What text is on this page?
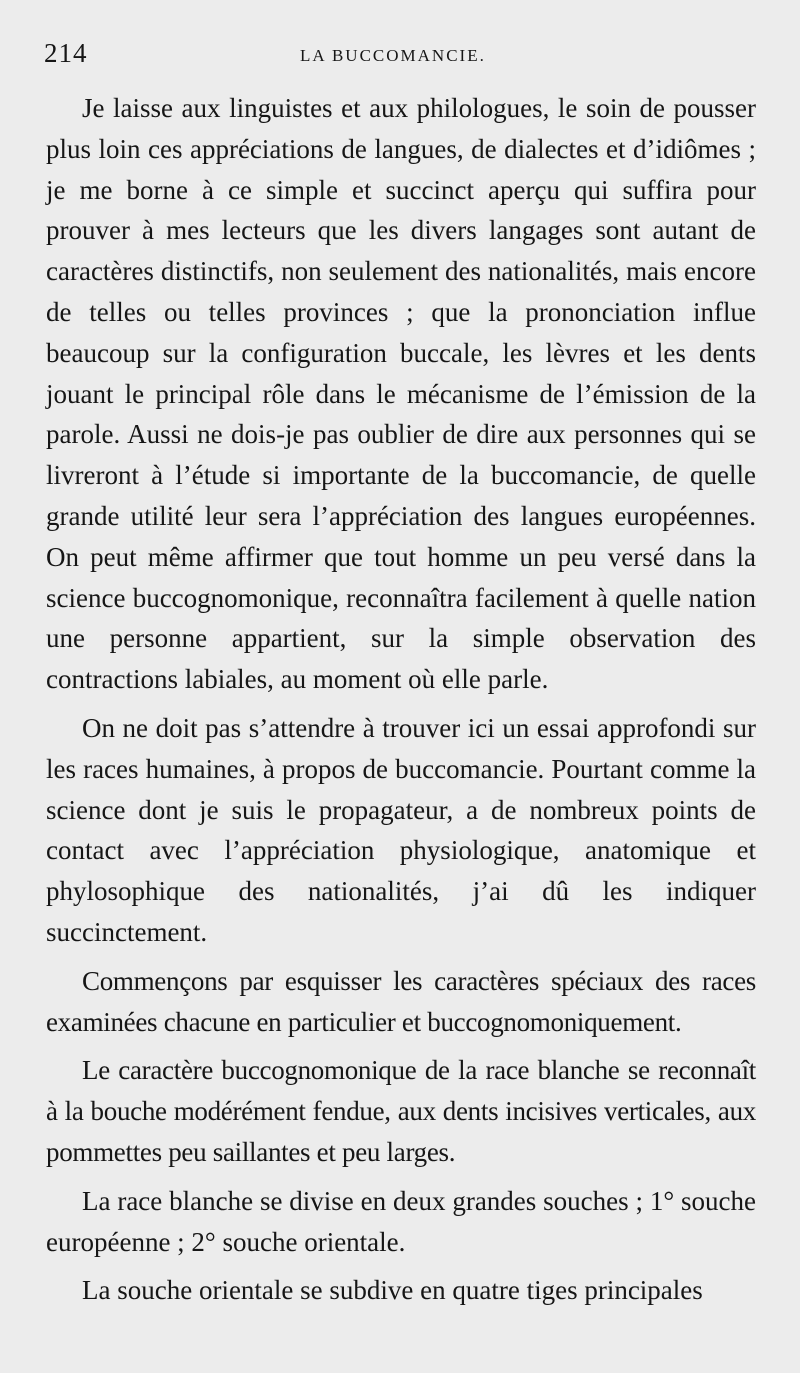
214	LA BUCCOMANCIE.

Je laisse aux linguistes et aux philologues, le soin de pousser plus loin ces appréciations de langues, de dialectes et d’idiômes ; je me borne à ce simple et succinct aperçu qui suffira pour prouver à mes lecteurs que les divers langages sont autant de caractères distinctifs, non seulement des nationalités, mais encore de telles ou telles provinces ; que la prononciation influe beaucoup sur la configuration buccale, les lèvres et les dents jouant le principal rôle dans le mécanisme de l’émission de la parole. Aussi ne dois-je pas oublier de dire aux personnes qui se livreront à l’étude si importante de la buccomancie, de quelle grande utilité leur sera l’appréciation des langues européennes. On peut même affirmer que tout homme un peu versé dans la science buccognomonique, reconnaîtra facilement à quelle nation une personne appartient, sur la simple observation des contractions labiales, au moment où elle parle.

On ne doit pas s’attendre à trouver ici un essai approfondi sur les races humaines, à propos de buccomancie. Pourtant comme la science dont je suis le propagateur, a de nombreux points de contact avec l’appréciation physiologique, anatomique et phylosophique des nationalités, j’ai dû les indiquer succinctement.

Commençons par esquisser les caractères spéciaux des races examinées chacune en particulier et buccognomoniquement.

Le caractère buccognomonique de la race blanche se reconnaît à la bouche modérément fendue, aux dents incisives verticales, aux pommettes peu saillantes et peu larges.

La race blanche se divise en deux grandes souches ; 1° souche européenne ; 2° souche orientale.

La souche orientale se subdive en quatre tiges principales
